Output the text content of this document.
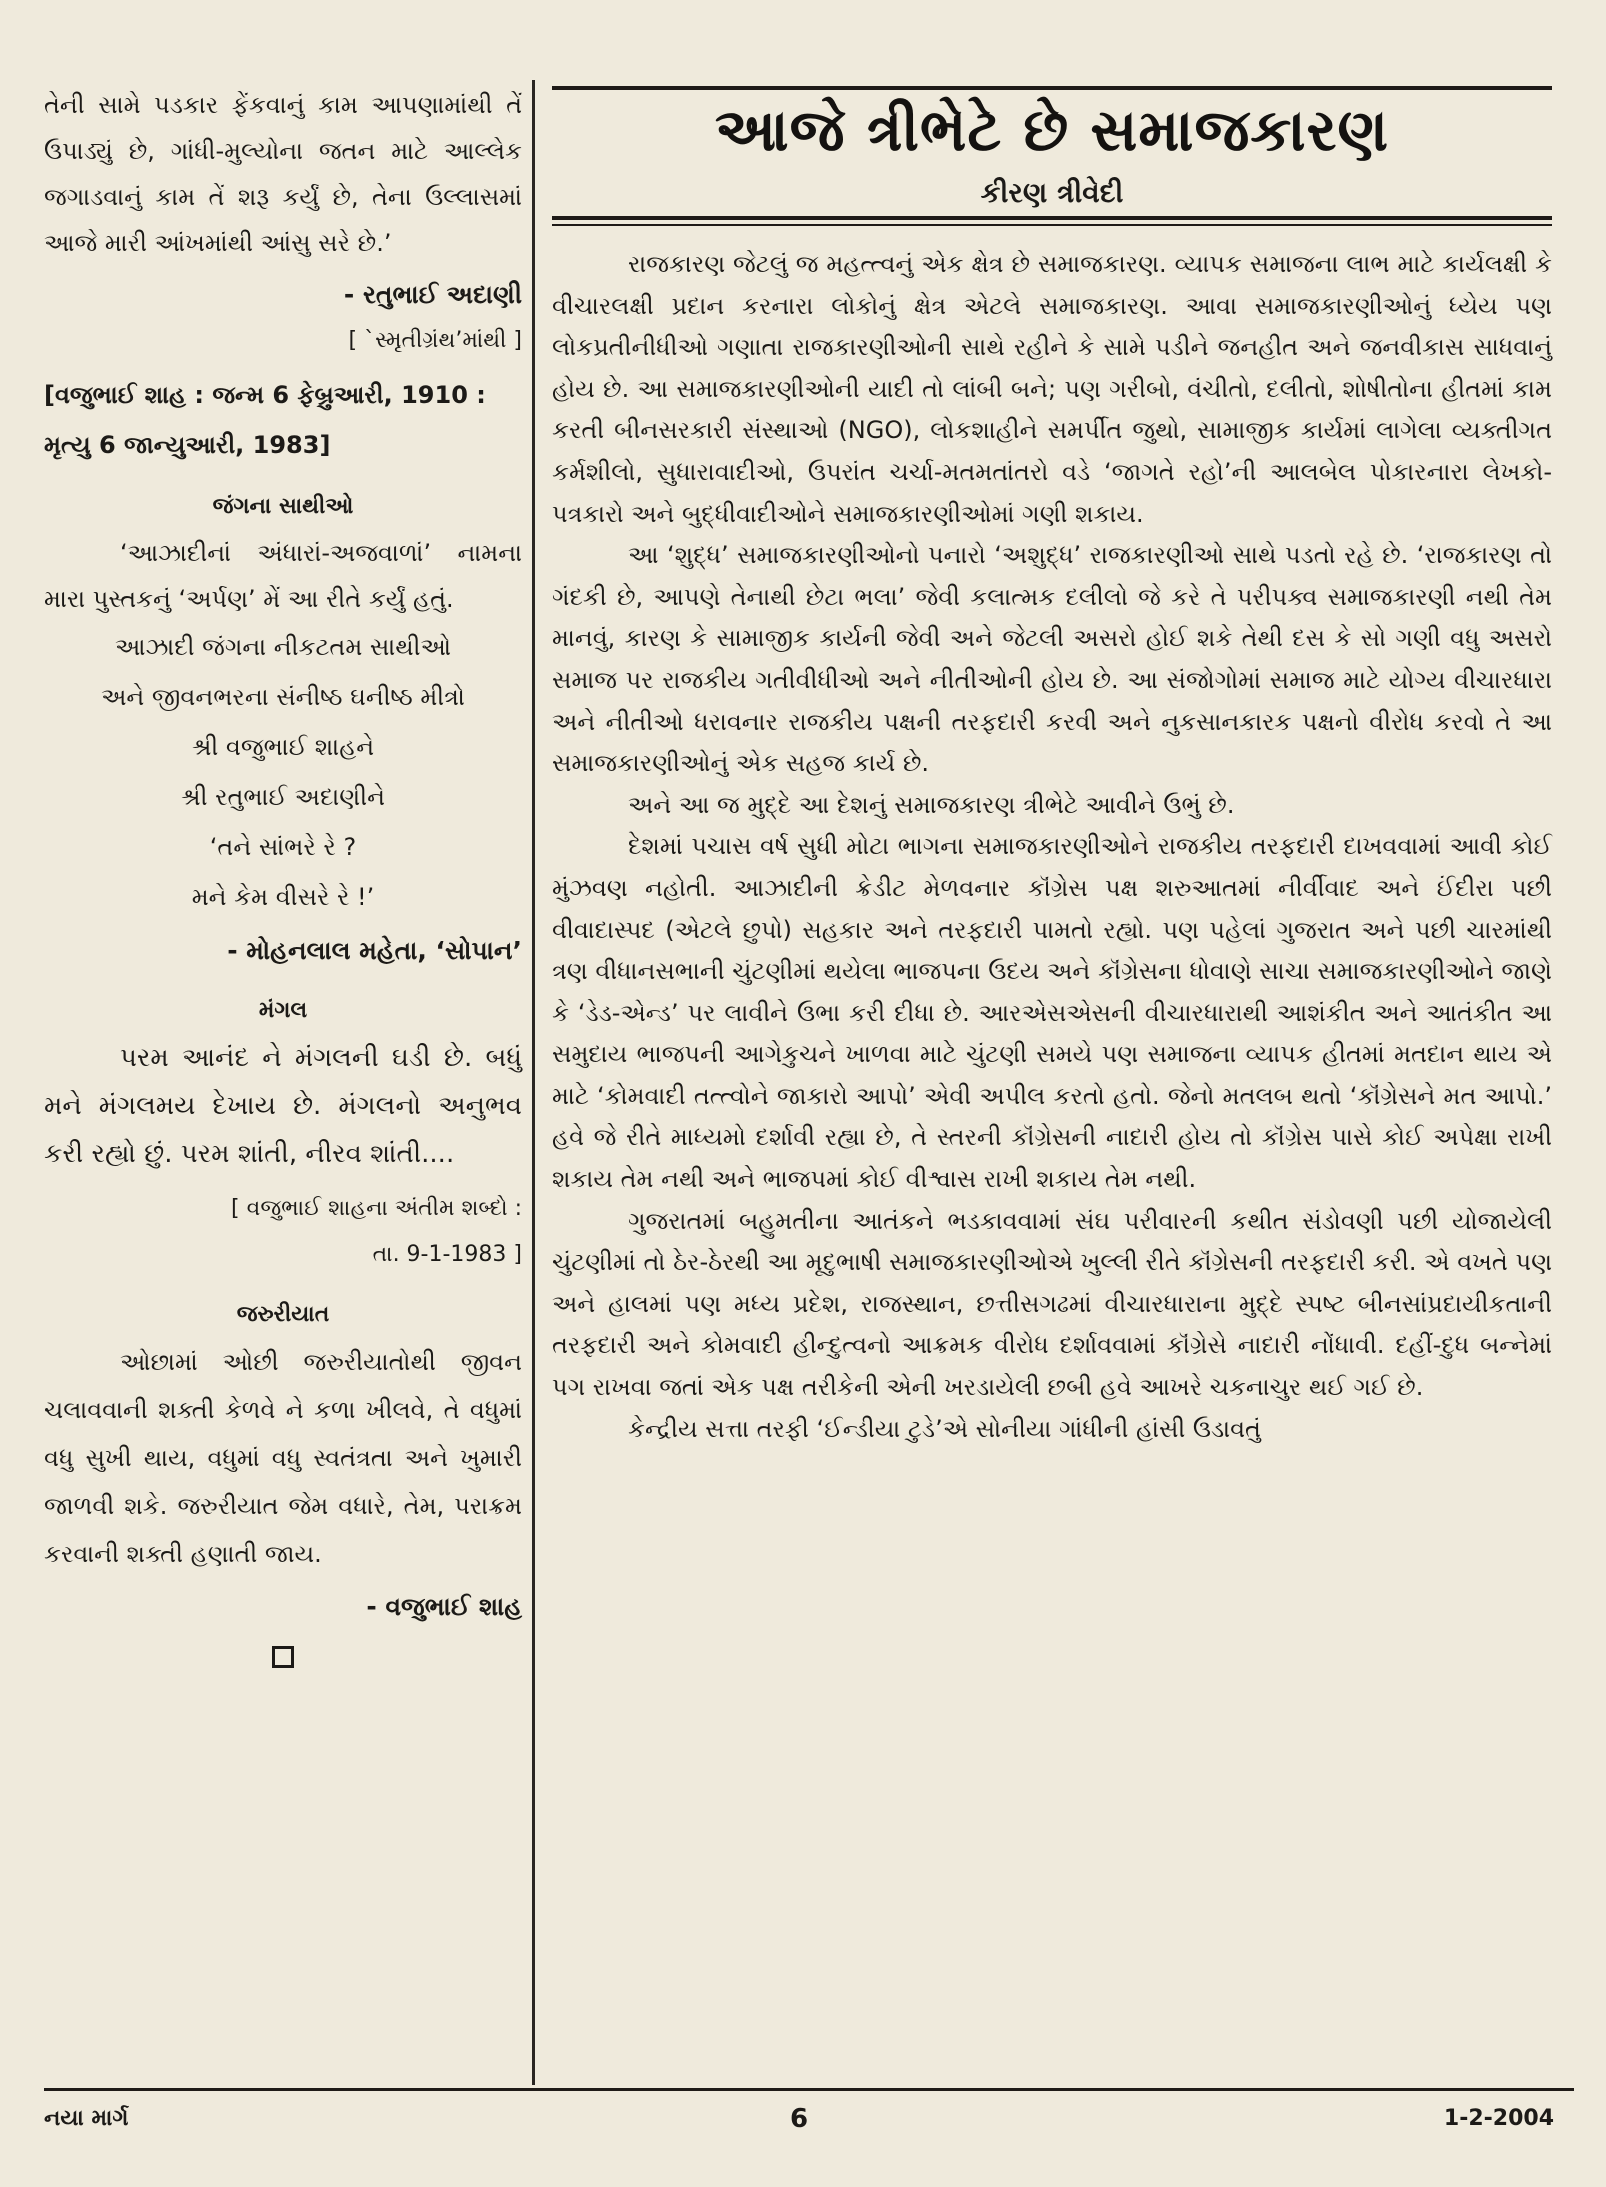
તેની સામે પડકાર ફેંકવાનું કામ આપણામાંથી તેં ઉપાડ્યું છે, ગાંધી-મુલ્યોના જતન માટે આલ્લેક જગાડવાનું કામ તેં શરૂ કર્યું છે, તેના ઉલ્લાસમાં આજે મારી આંખમાંથી આંસુ સરે છે.’

- રતુભાઈ અદાણી

[ `સ્મૃતીગ્રંથ’માંથી ]

[વજુભાઈ શાહ : જન્મ 6 ફેબ્રુઆરી, 1910 : મૃત્યુ 6 જાન્યુઆરી, 1983]

જંગના સાથીઓ

‘આઝાદીનાં અંધારાં-અજવાળાં’ નામના મારા પુસ્તકનું ‘અર્પણ’ મેં આ રીતે કર્યું હતું.

આઝાદી જંગના નીકટતમ સાથીઓ

અને જીવનભરના સંનીષ્ઠ ઘનીષ્ઠ મીત્રો

શ્રી વજુભાઈ શાહને

શ્રી રતુભાઈ અદાણીને

‘તને સાંભરે રે ?

મને કેમ વીસરે રે !’

- મોહનલાલ મહેતા, ‘સોપાન’

મંગલ

પરમ આનંદ ને મંગલની ઘડી છે. બધું મને મંગલમય દેખાય છે. મંગલનો અનુભવ કરી રહ્યો છું. પરમ શાંતી, નીરવ શાંતી....

[ વજુભાઈ શાહના અંતીમ શબ્દો :

તા. 9-1-1983 ]

જરુરીયાત

ઓછામાં ઓછી જરુરીયાતોથી જીવન ચલાવવાની શક્તી કેળવે ને કળા ખીલવે, તે વધુમાં વધુ સુખી થાય, વધુમાં વધુ સ્વતંત્રતા અને ખુમારી જાળવી શકે. જરુરીયાત જેમ વધારે, તેમ, પરાક્રમ કરવાની શક્તી હણાતી જાય.

- વજુભાઈ શાહ

આજે ત્રીભેટે છે સમાજકારણ

કીરણ ત્રીવેદી

રાજકારણ જેટલું જ મહત્ત્વનું એક ક્ષેત્ર છે સમાજકારણ. વ્યાપક સમાજના લાભ માટે કાર્યલક્ષી કે વીચારલક્ષી પ્રદાન કરનારા લોકોનું ક્ષેત્ર એટલે સમાજકારણ. આવા સમાજકારણીઓનું ધ્યેય પણ લોકપ્રતીનીધીઓ ગણાતા રાજકારણીઓની સાથે રહીને કે સામે પડીને જનહીત અને જનવીકાસ સાધવાનું હોય છે. આ સમાજકારણીઓની યાદી તો લાંબી બને; પણ ગરીબો, વંચીતો, દલીતો, શોષીતોના હીતમાં કામ કરતી બીનસરકારી સંસ્થાઓ (NGO), લોકશાહીને સમર્પીત જુથો, સામાજીક કાર્યમાં લાગેલા વ્યક્તીગત કર્મશીલો, સુધારાવાદીઓ, ઉપરાંત ચર્ચા-મતમતાંતરો વડે ‘જાગતે રહો’ની આલબેલ પોકારનારા લેખકો-પત્રકારો અને બુદ્ધીવાદીઓને સમાજકારણીઓમાં ગણી શકાય.

આ ‘શુદ્ધ’ સમાજકારણીઓનો પનારો ‘અશુદ્ધ’ રાજકારણીઓ સાથે પડતો રહે છે. ‘રાજકારણ તો ગંદકી છે, આપણે તેનાથી છેટા ભલા’ જેવી કલાત્મક દલીલો જે કરે તે પરીપક્વ સમાજકારણી નથી તેમ માનવું, કારણ કે સામાજીક કાર્યની જેવી અને જેટલી અસરો હોઈ શકે તેથી દસ કે સો ગણી વધુ અસરો સમાજ પર રાજકીય ગતીવીધીઓ અને નીતીઓની હોય છે. આ સંજોગોમાં સમાજ માટે યોગ્ય વીચારધારા અને નીતીઓ ધરાવનાર રાજકીય પક્ષની તરફદારી કરવી અને નુકસાનકારક પક્ષનો વીરોધ કરવો તે આ સમાજકારણીઓનું એક સહજ કાર્ય છે.

અને આ જ મુદ્દે આ દેશનું સમાજકારણ ત્રીભેટે આવીને ઉભું છે.

દેશમાં પચાસ વર્ષ સુધી મોટા ભાગના સમાજકારણીઓને રાજકીય તરફદારી દાખવવામાં આવી કોઈ મુંઝવણ નહોતી. આઝાદીની ક્રેડીટ મેળવનાર કૉંગ્રેસ પક્ષ શરુઆતમાં નીર્વીવાદ અને ઈંદીરા પછી વીવાદાસ્પદ (એટલે છુપો) સહકાર અને તરફદારી પામતો રહ્યો. પણ પહેલાં ગુજરાત અને પછી ચારમાંથી ત્રણ વીધાનસભાની ચુંટણીમાં થયેલા ભાજપના ઉદય અને કૉંગ્રેસના ધોવાણે સાચા સમાજકારણીઓને જાણે કે ‘ડેડ-એન્ડ’ પર લાવીને ઉભા કરી દીધા છે. આરએસએસની વીચારધારાથી આશંકીત અને આતંકીત આ સમુદાય ભાજપની આગેકુચને ખાળવા માટે ચુંટણી સમયે પણ સમાજના વ્યાપક હીતમાં મતદાન થાય એ માટે ‘કોમવાદી તત્ત્વોને જાકારો આપો’ એવી અપીલ કરતો હતો. જેનો મતલબ થતો ‘કૉંગ્રેસને મત આપો.’ હવે જે રીતે માધ્યમો દર્શાવી રહ્યા છે, તે સ્તરની કૉંગ્રેસની નાદારી હોય તો કૉંગ્રેસ પાસે કોઈ અપેક્ષા રાખી શકાય તેમ નથી અને ભાજપમાં કોઈ વીશ્વાસ રાખી શકાય તેમ નથી.

ગુજરાતમાં બહુમતીના આતંકને ભડકાવવામાં સંઘ પરીવારની કથીત સંડોવણી પછી યોજાયેલી ચુંટણીમાં તો ઠેર-ઠેરથી આ મૃદુભાષી સમાજકારણીઓએ ખુલ્લી રીતે કૉંગ્રેસની તરફદારી કરી. એ વખતે પણ અને હાલમાં પણ મધ્ય પ્રદેશ, રાજસ્થાન, છત્તીસગઢમાં વીચારધારાના મુદ્દે સ્પષ્ટ બીનસાંપ્રદાયીકતાની તરફદારી અને કોમવાદી હીન્દુત્વનો આક્રમક વીરોધ દર્શાવવામાં કૉંગ્રેસે નાદારી નોંધાવી. દહીં-દુધ બન્નેમાં પગ રાખવા જતાં એક પક્ષ તરીકેની એની ખરડાયેલી છબી હવે આખરે ચકનાચુર થઈ ગઈ છે.

કેન્દ્રીય સત્તા તરફી ‘ઈન્ડીયા ટુડે’એ સોનીયા ગાંધીની હાંસી ઉડાવતું

નયા માર્ગ	6	1-2-2004
